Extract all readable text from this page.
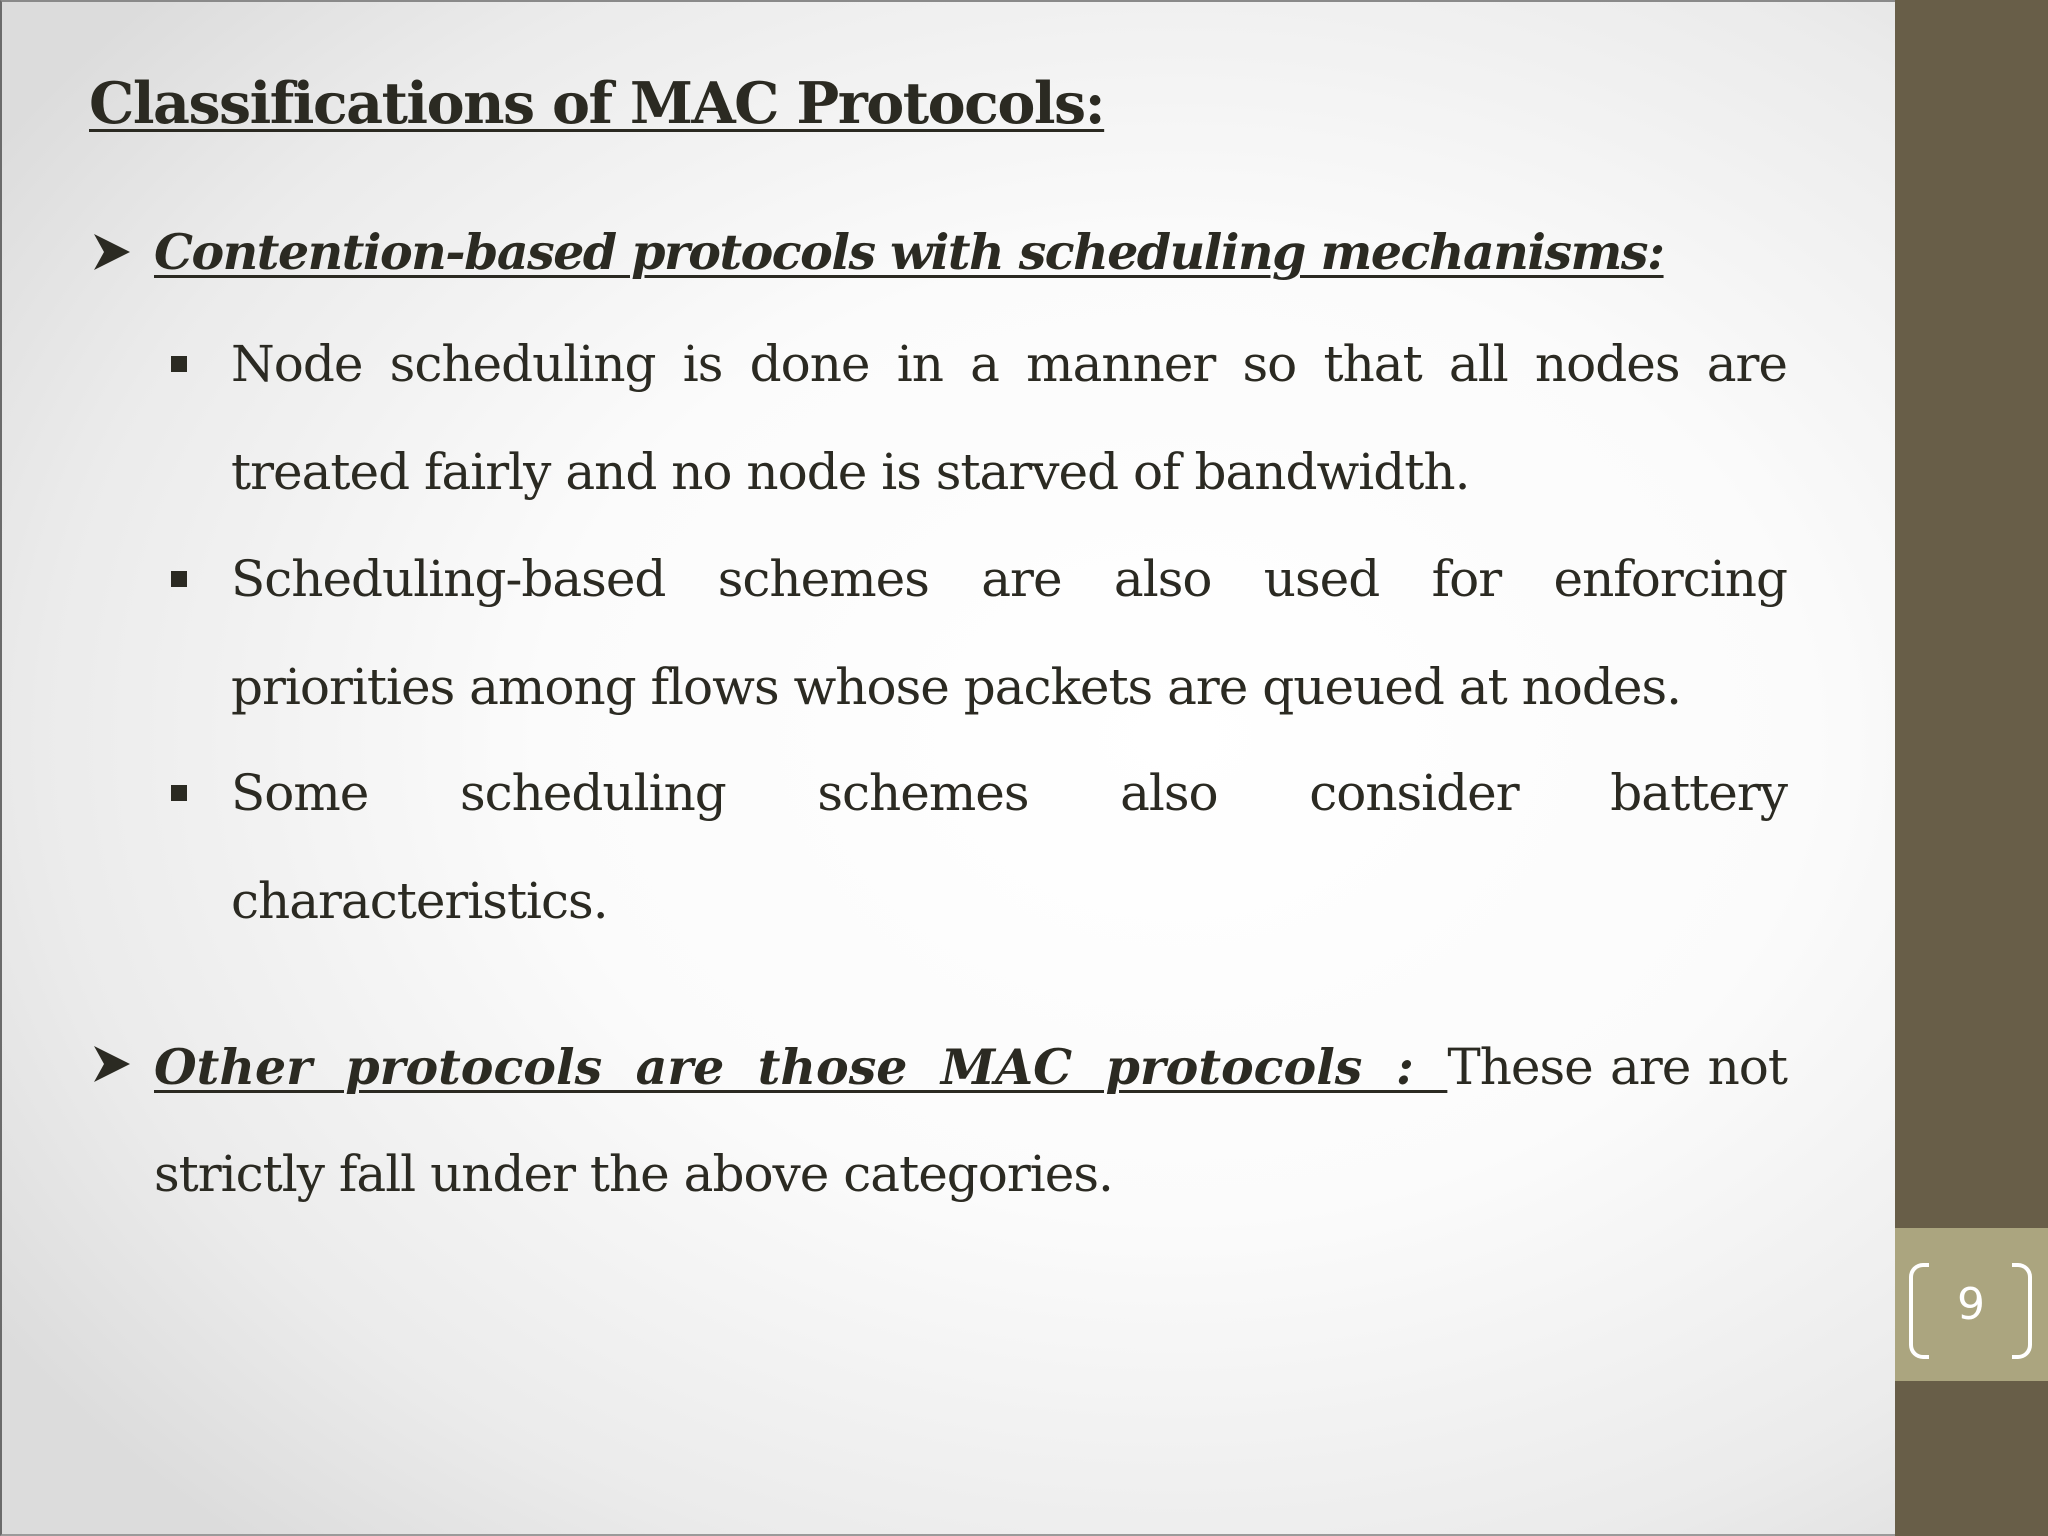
9
Classifications of MAC Protocols:
Contention-based protocols with scheduling mechanisms:
Node scheduling is done in a manner so that all nodes are
treated fairly and no node is starved of bandwidth.
Scheduling-based schemes are also used for enforcing
priorities among flows whose packets are queued at nodes.
Some scheduling schemes also consider battery
characteristics.
Other protocols are those MAC protocols : These are not
strictly fall under the above categories.
